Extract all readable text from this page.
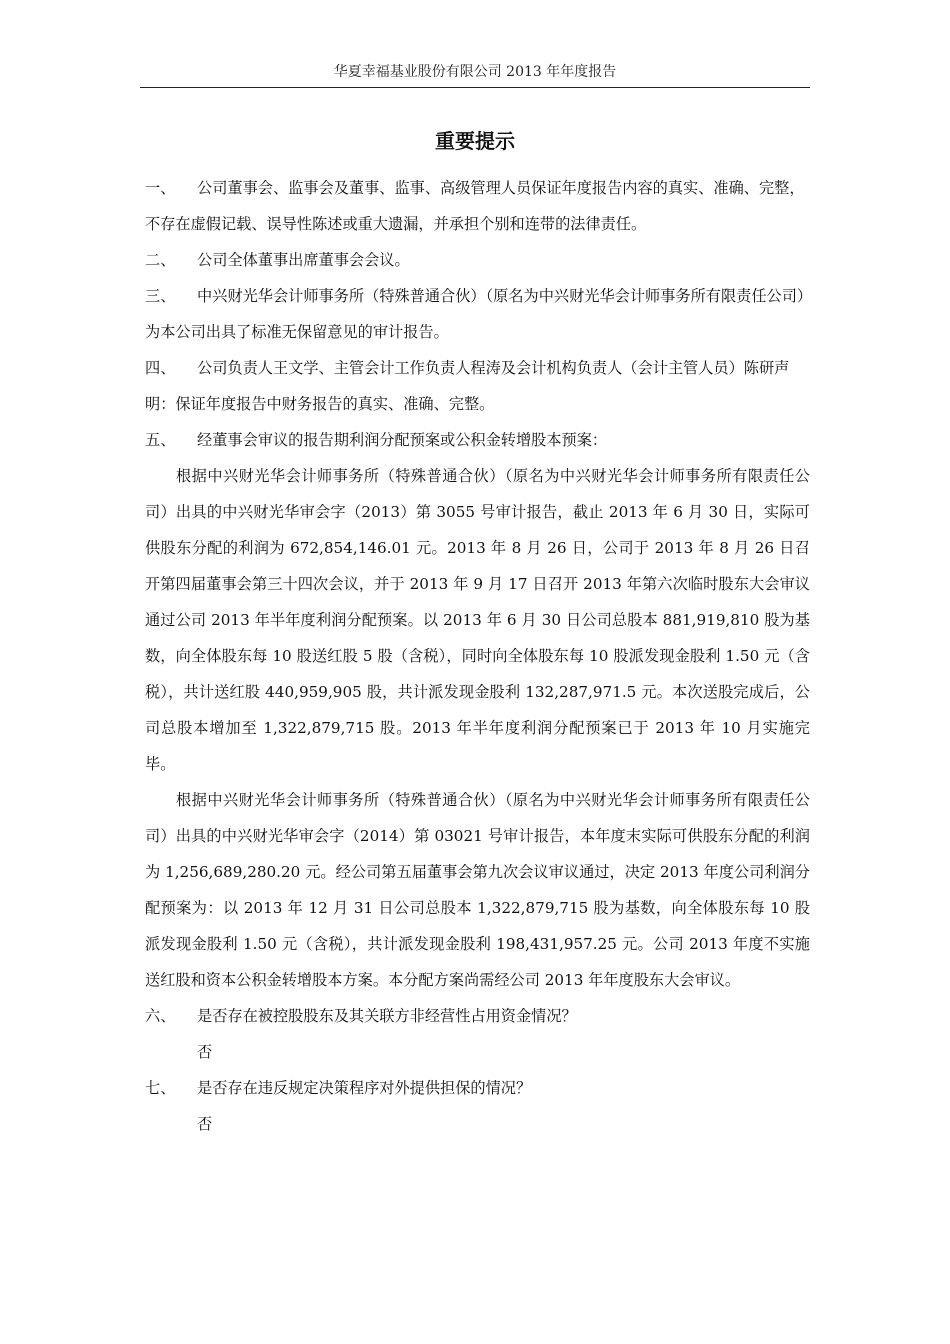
华夏幸福基业股份有限公司 2013 年年度报告
重要提示

一、 公司董事会、监事会及董事、监事、高级管理人员保证年度报告内容的真实、准确、完整，不存在虚假记载、误导性陈述或重大遗漏，并承担个别和连带的法律责任。

二、 公司全体董事出席董事会会议。

三、 中兴财光华会计师事务所（特殊普通合伙）（原名为中兴财光华会计师事务所有限责任公司）为本公司出具了标准无保留意见的审计报告。

四、 公司负责人王文学、主管会计工作负责人程涛及会计机构负责人（会计主管人员）陈研声明：保证年度报告中财务报告的真实、准确、完整。

五、 经董事会审议的报告期利润分配预案或公积金转增股本预案：

根据中兴财光华会计师事务所（特殊普通合伙）（原名为中兴财光华会计师事务所有限责任公司）出具的中兴财光华审会字（2013）第 3055 号审计报告，截止 2013 年 6 月 30 日，实际可供股东分配的利润为 672,854,146.01 元。2013 年 8 月 26 日，公司于 2013 年 8 月 26 日召开第四届董事会第三十四次会议，并于 2013 年 9 月 17 日召开 2013 年第六次临时股东大会审议通过公司 2013 年半年度利润分配预案。以 2013 年 6 月 30 日公司总股本 881,919,810 股为基数，向全体股东每 10 股送红股 5 股（含税），同时向全体股东每 10 股派发现金股利 1.50 元（含税），共计送红股 440,959,905 股，共计派发现金股利 132,287,971.5 元。本次送股完成后，公司总股本增加至 1,322,879,715 股。2013 年半年度利润分配预案已于 2013 年 10 月实施完毕。

根据中兴财光华会计师事务所（特殊普通合伙）（原名为中兴财光华会计师事务所有限责任公司）出具的中兴财光华审会字（2014）第 03021 号审计报告，本年度末实际可供股东分配的利润为 1,256,689,280.20 元。经公司第五届董事会第九次会议审议通过，决定 2013 年度公司利润分配预案为：以 2013 年 12 月 31 日公司总股本 1,322,879,715 股为基数，向全体股东每 10 股派发现金股利 1.50 元（含税），共计派发现金股利 198,431,957.25 元。公司 2013 年度不实施送红股和资本公积金转增股本方案。本分配方案尚需经公司 2013 年年度股东大会审议。

六、 是否存在被控股股东及其关联方非经营性占用资金情况？

否

七、 是否存在违反规定决策程序对外提供担保的情况？

否
